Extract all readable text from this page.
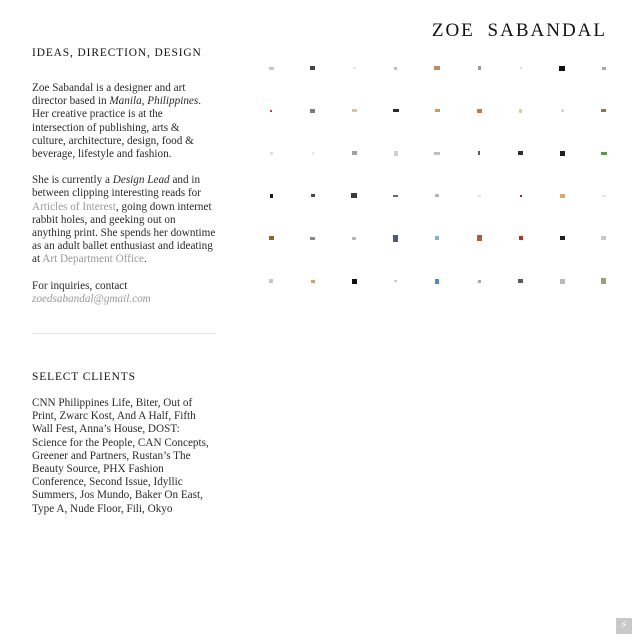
ZOE SABANDAL
IDEAS, DIRECTION, DESIGN

Zoe Sabandal is a designer and art director based in Manila, Philippines. Her creative practice is at the intersection of publishing, arts & culture, architecture, design, food & beverage, lifestyle and fashion.

She is currently a Design Lead and in between clipping interesting reads for Articles of Interest, going down internet rabbit holes, and geeking out on anything print. She spends her downtime as an adult ballet enthusiast and ideating at Art Department Office.

For inquiries, contact
zoedsabandal@gmail.com

SELECT CLIENTS

CNN Philippines Life, Biter, Out of Print, Zwarc Kost, And A Half, Fifth Wall Fest, Anna’s House, DOST: Science for the People, CAN Concepts, Greener and Partners, Rustan’s The Beauty Source, PHX Fashion Conference, Second Issue, Idyllic Summers, Jos Mundo, Baker On East, Type A, Nude Floor, Fili, Okyo

⚡
